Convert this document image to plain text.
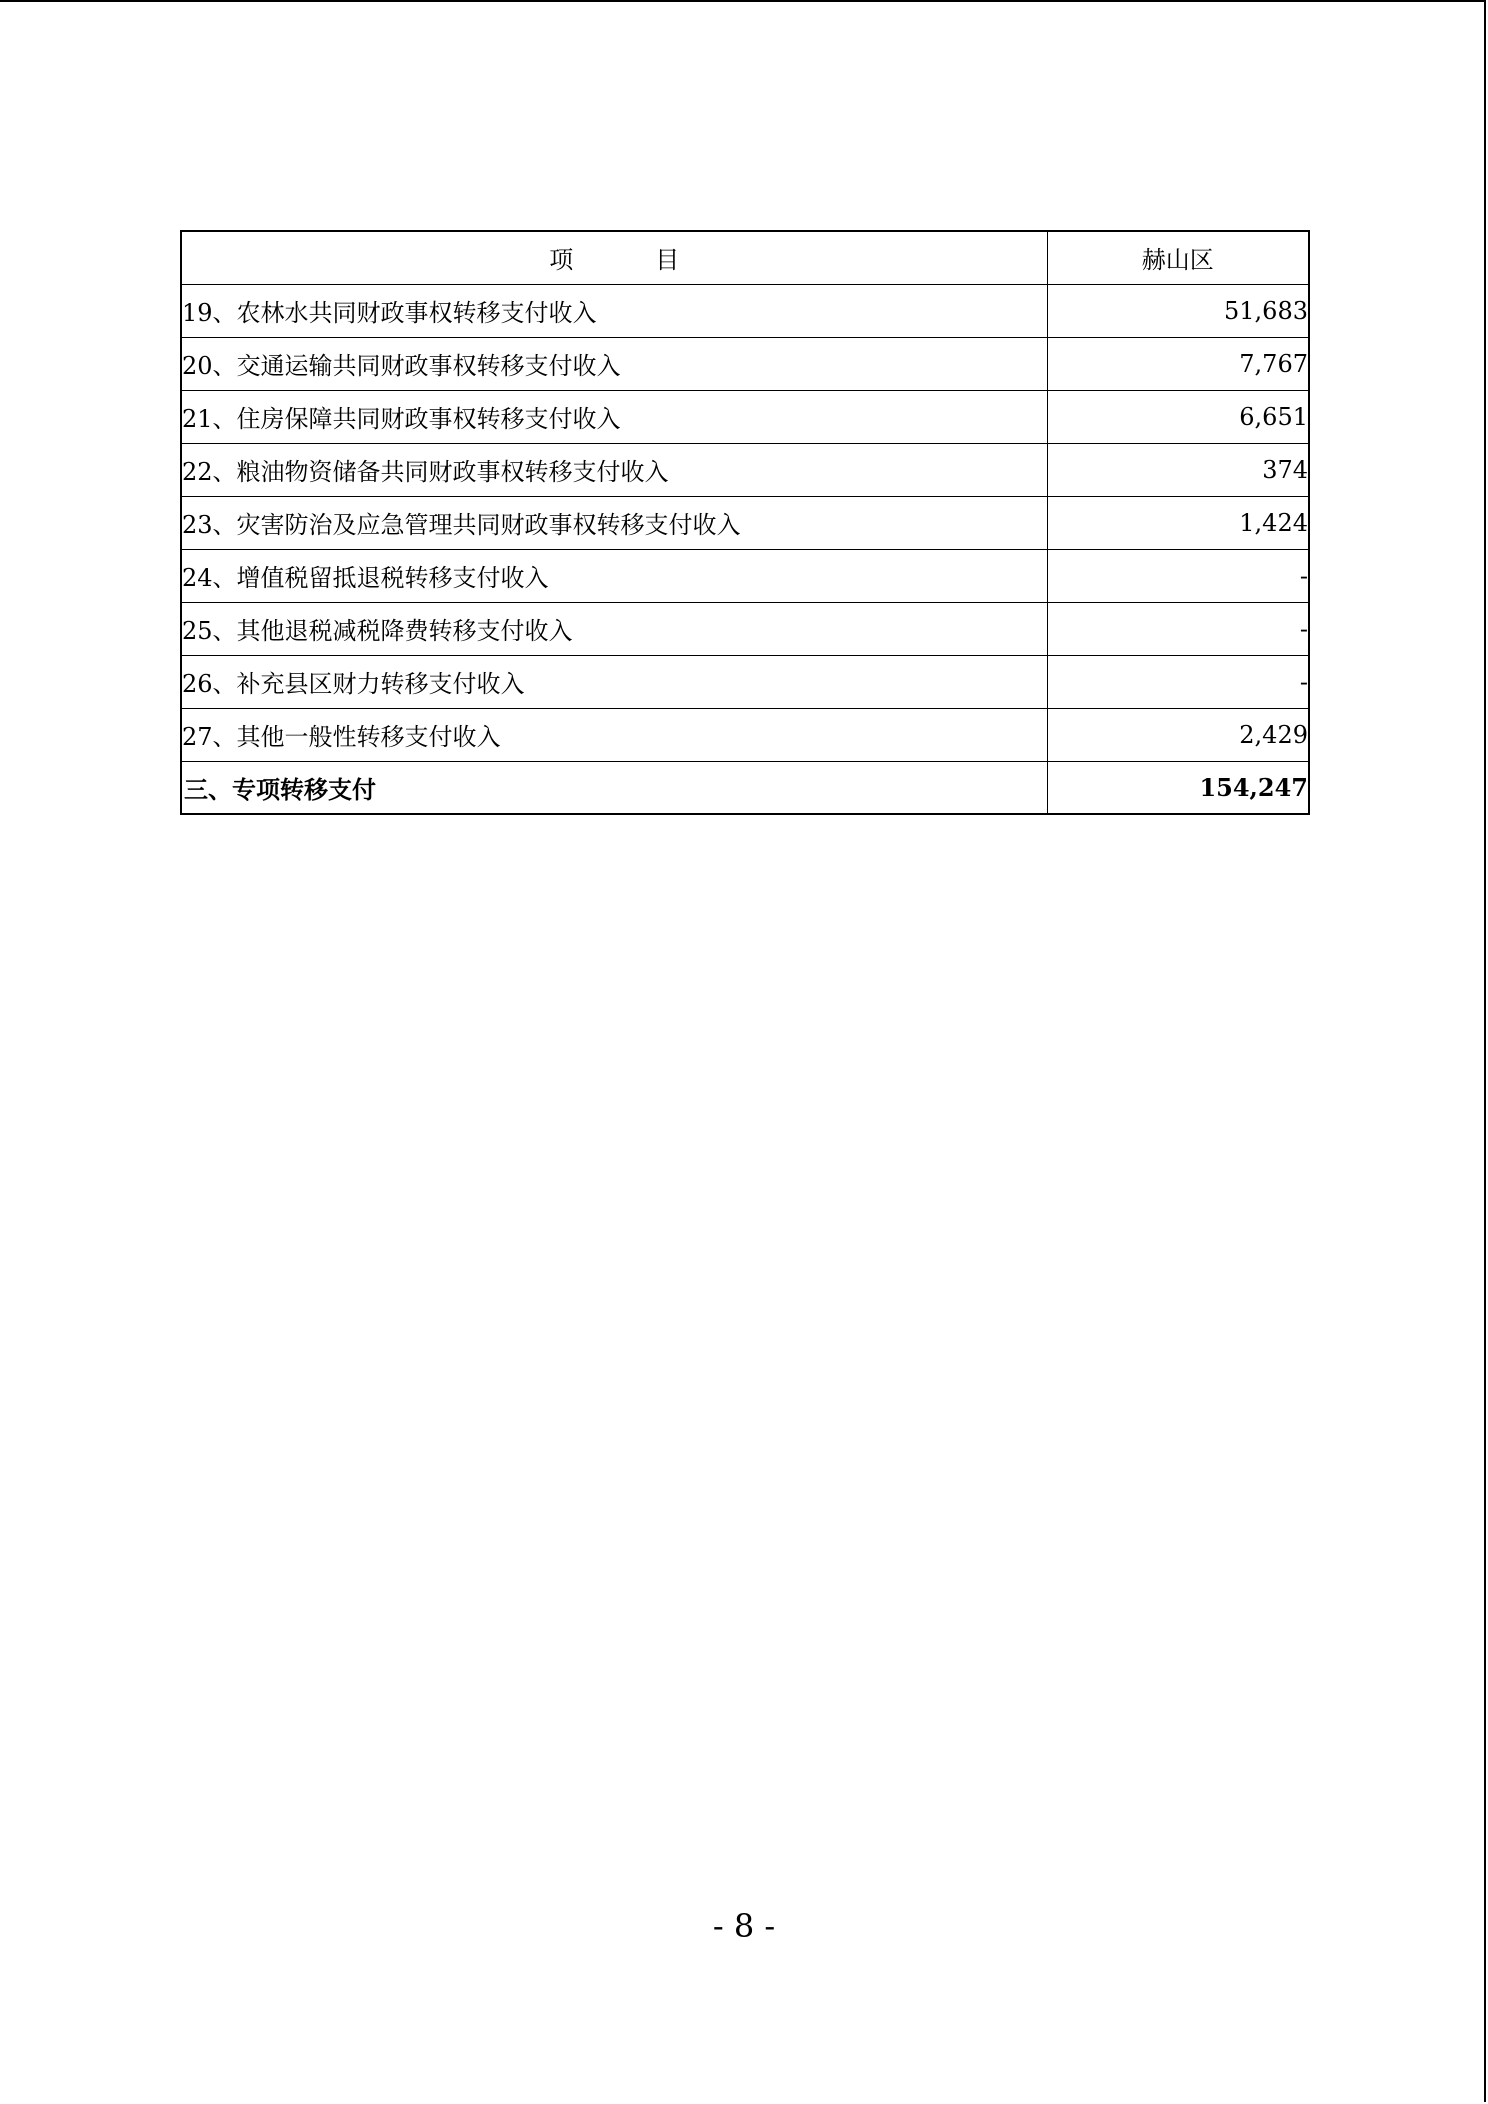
项 目	赫山区
19、农林水共同财政事权转移支付收入	51,683
20、交通运输共同财政事权转移支付收入	7,767
21、住房保障共同财政事权转移支付收入	6,651
22、粮油物资储备共同财政事权转移支付收入	374
23、灾害防治及应急管理共同财政事权转移支付收入	1,424
24、增值税留抵退税转移支付收入	-
25、其他退税减税降费转移支付收入	-
26、补充县区财力转移支付收入	-
27、其他一般性转移支付收入	2,429
三、专项转移支付	154,247
- 8 -
